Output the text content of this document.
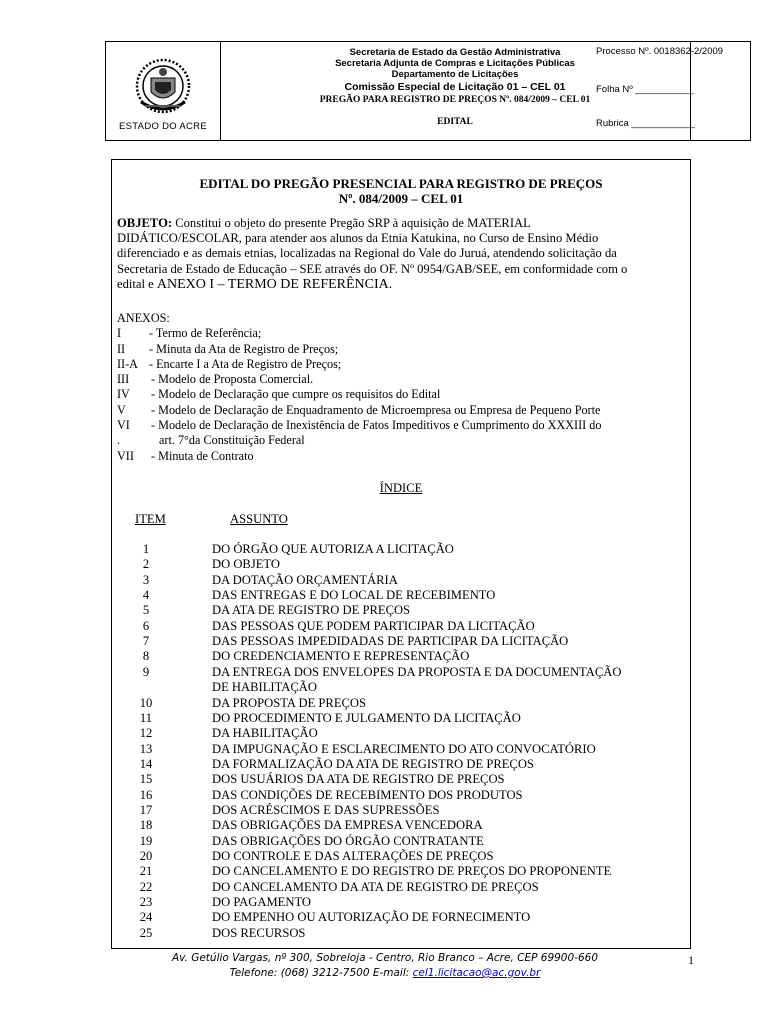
ESTADO DO ACRE
Secretaria de Estado da Gestão Administrativa
Secretaria Adjunta de Compras e Licitações Públicas
Departamento de Licitações
Comissão Especial de Licitação 01 – CEL 01
PREGÃO PARA REGISTRO DE PREÇOS Nº. 084/2009 – CEL 01
EDITAL
Processo Nº. 0018362-2/2009
Folha Nº ___________
Rubrica ____________
EDITAL DO PREGÃO PRESENCIAL PARA REGISTRO DE PREÇOS
Nº. 084/2009 – CEL 01
OBJETO: Constitui o objeto do presente Pregão SRP à aquisição de MATERIAL
DIDÁTICO/ESCOLAR, para atender aos alunos da Etnia Katukina, no Curso de Ensino Médio
diferenciado e as demais etnias, localizadas na Regional do Vale do Juruá, atendendo solicitação da
Secretaria de Estado de Educação – SEE através do OF. Nº 0954/GAB/SEE, em conformidade com o
edital e ANEXO I – TERMO DE REFERÊNCIA.
ANEXOS:
I - Termo de Referência;
II - Minuta da Ata de Registro de Preços;
II-A - Encarte I a Ata de Registro de Preços;
III - Modelo de Proposta Comercial.
IV - Modelo de Declaração que cumpre os requisitos do Edital
V - Modelo de Declaração de Enquadramento de Microempresa ou Empresa de Pequeno Porte
VI - Modelo de Declaração de Inexistência de Fatos Impeditivos e Cumprimento do XXXIII do
.	art. 7°da Constituição Federal
VII - Minuta de Contrato
ÍNDICE
ITEM	ASSUNTO
1	DO ÓRGÃO QUE AUTORIZA A LICITAÇÃO
2	DO OBJETO
3	DA DOTAÇÃO ORÇAMENTÁRIA
4	DAS ENTREGAS E DO LOCAL DE RECEBIMENTO
5	DA ATA DE REGISTRO DE PREÇOS
6	DAS PESSOAS QUE PODEM PARTICIPAR DA LICITAÇÃO
7	DAS PESSOAS IMPEDIDADAS DE PARTICIPAR DA LICITAÇÃO
8	DO CREDENCIAMENTO E REPRESENTAÇÃO
9	DA ENTREGA DOS ENVELOPES DA PROPOSTA E DA DOCUMENTAÇÃO
DE HABILITAÇÃO
10	DA PROPOSTA DE PREÇOS
11	DO PROCEDIMENTO E JULGAMENTO DA LICITAÇÃO
12	DA HABILITAÇÃO
13	DA IMPUGNAÇÃO E ESCLARECIMENTO DO ATO CONVOCATÓRIO
14	DA FORMALIZAÇÃO DA ATA DE REGISTRO DE PREÇOS
15	DOS USUÁRIOS DA ATA DE REGISTRO DE PREÇOS
16	DAS CONDIÇÕES DE RECEBIMENTO DOS PRODUTOS
17	DOS ACRÉSCIMOS E DAS SUPRESSÕES
18	DAS OBRIGAÇÕES DA EMPRESA VENCEDORA
19	DAS OBRIGAÇÕES DO ÓRGÃO CONTRATANTE
20	DO CONTROLE E DAS ALTERAÇÕES DE PREÇOS
21	DO CANCELAMENTO E DO REGISTRO DE PREÇOS DO PROPONENTE
22	DO CANCELAMENTO DA ATA DE REGISTRO DE PREÇOS
23	DO PAGAMENTO
24	DO EMPENHO OU AUTORIZAÇÃO DE FORNECIMENTO
25	DOS RECURSOS
Av. Getúlio Vargas, nº 300, Sobreloja - Centro, Rio Branco – Acre, CEP 69900-660
Telefone: (068) 3212-7500 E-mail: cel1.licitacao@ac.gov.br
1
